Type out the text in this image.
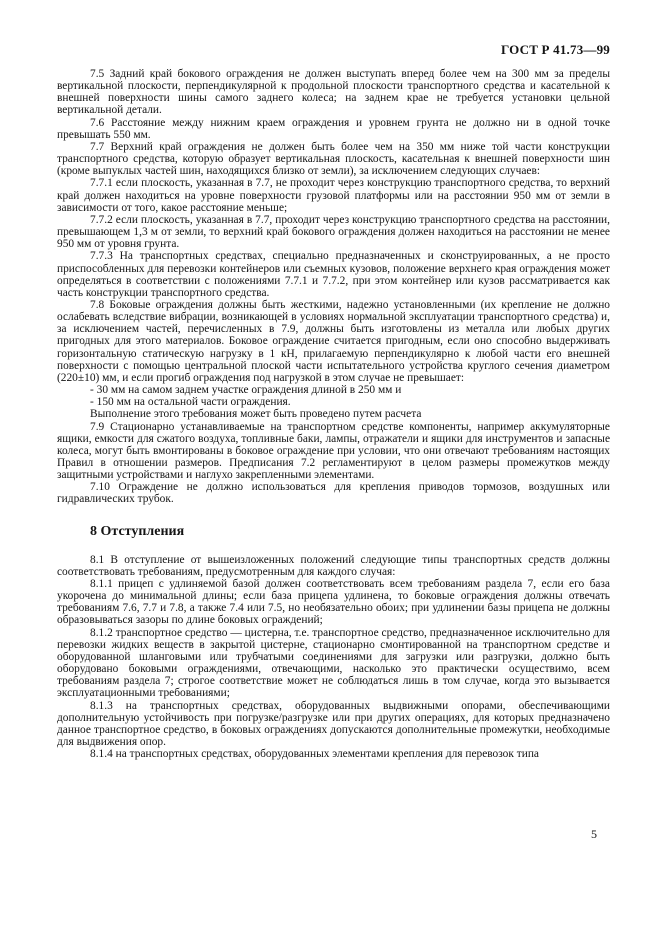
ГОСТ Р 41.73—99

7.5 Задний край бокового ограждения не должен выступать вперед более чем на 300 мм за пределы вертикальной плоскости, перпендикулярной к продольной плоскости транспортного средства и касательной к внешней поверхности шины самого заднего колеса; на заднем крае не требуется установки цельной вертикальной детали.

7.6 Расстояние между нижним краем ограждения и уровнем грунта не должно ни в одной точке превышать 550 мм.

7.7 Верхний край ограждения не должен быть более чем на 350 мм ниже той части конструкции транспортного средства, которую образует вертикальная плоскость, касательная к внешней поверхности шин (кроме выпуклых частей шин, находящихся близко от земли), за исключением следующих случаев:

7.7.1 если плоскость, указанная в 7.7, не проходит через конструкцию транспортного средства, то верхний край должен находиться на уровне поверхности грузовой платформы или на расстоянии 950 мм от земли в зависимости от того, какое расстояние меньше;

7.7.2 если плоскость, указанная в 7.7, проходит через конструкцию транспортного средства на расстоянии, превышающем 1,3 м от земли, то верхний край бокового ограждения должен находиться на расстоянии не менее 950 мм от уровня грунта.

7.7.3 На транспортных средствах, специально предназначенных и сконструированных, а не просто приспособленных для перевозки контейнеров или съемных кузовов, положение верхнего края ограждения может определяться в соответствии с положениями 7.7.1 и 7.7.2, при этом контейнер или кузов рассматривается как часть конструкции транспортного средства.

7.8 Боковые ограждения должны быть жесткими, надежно установленными (их крепление не должно ослабевать вследствие вибрации, возникающей в условиях нормальной эксплуатации транспортного средства) и, за исключением частей, перечисленных в 7.9, должны быть изготовлены из металла или любых других пригодных для этого материалов. Боковое ограждение считается пригодным, если оно способно выдерживать горизонтальную статическую нагрузку в 1 кН, прилагаемую перпендикулярно к любой части его внешней поверхности с помощью центральной плоской части испытательного устройства круглого сечения диаметром (220±10) мм, и если прогиб ограждения под нагрузкой в этом случае не превышает:

- 30 мм на самом заднем участке ограждения длиной в 250 мм и

- 150 мм на остальной части ограждения.

Выполнение этого требования может быть проведено путем расчета

7.9 Стационарно устанавливаемые на транспортном средстве компоненты, например аккумуляторные ящики, емкости для сжатого воздуха, топливные баки, лампы, отражатели и ящики для инструментов и запасные колеса, могут быть вмонтированы в боковое ограждение при условии, что они отвечают требованиям настоящих Правил в отношении размеров. Предписания 7.2 регламентируют в целом размеры промежутков между защитными устройствами и наглухо закрепленными элементами.

7.10 Ограждение не должно использоваться для крепления приводов тормозов, воздушных или гидравлических трубок.

8 Отступления

8.1 В отступление от вышеизложенных положений следующие типы транспортных средств должны соответствовать требованиям, предусмотренным для каждого случая:

8.1.1 прицеп с удлиняемой базой должен соответствовать всем требованиям раздела 7, если его база укорочена до минимальной длины; если база прицепа удлинена, то боковые ограждения должны отвечать требованиям 7.6, 7.7 и 7.8, а также 7.4 или 7.5, но необязательно обоих; при удлинении базы прицепа не должны образовываться зазоры по длине боковых ограждений;

8.1.2 транспортное средство — цистерна, т.е. транспортное средство, предназначенное исключительно для перевозки жидких веществ в закрытой цистерне, стационарно смонтированной на транспортном средстве и оборудованной шланговыми или трубчатыми соединениями для загрузки или разгрузки, должно быть оборудовано боковыми ограждениями, отвечающими, насколько это практически осуществимо, всем требованиям раздела 7; строгое соответствие может не соблюдаться лишь в том случае, когда это вызывается эксплуатационными требованиями;

8.1.3 на транспортных средствах, оборудованных выдвижными опорами, обеспечивающими дополнительную устойчивость при погрузке/разгрузке или при других операциях, для которых предназначено данное транспортное средство, в боковых ограждениях допускаются дополнительные промежутки, необходимые для выдвижения опор.

8.1.4 на транспортных средствах, оборудованных элементами крепления для перевозок типа

5
